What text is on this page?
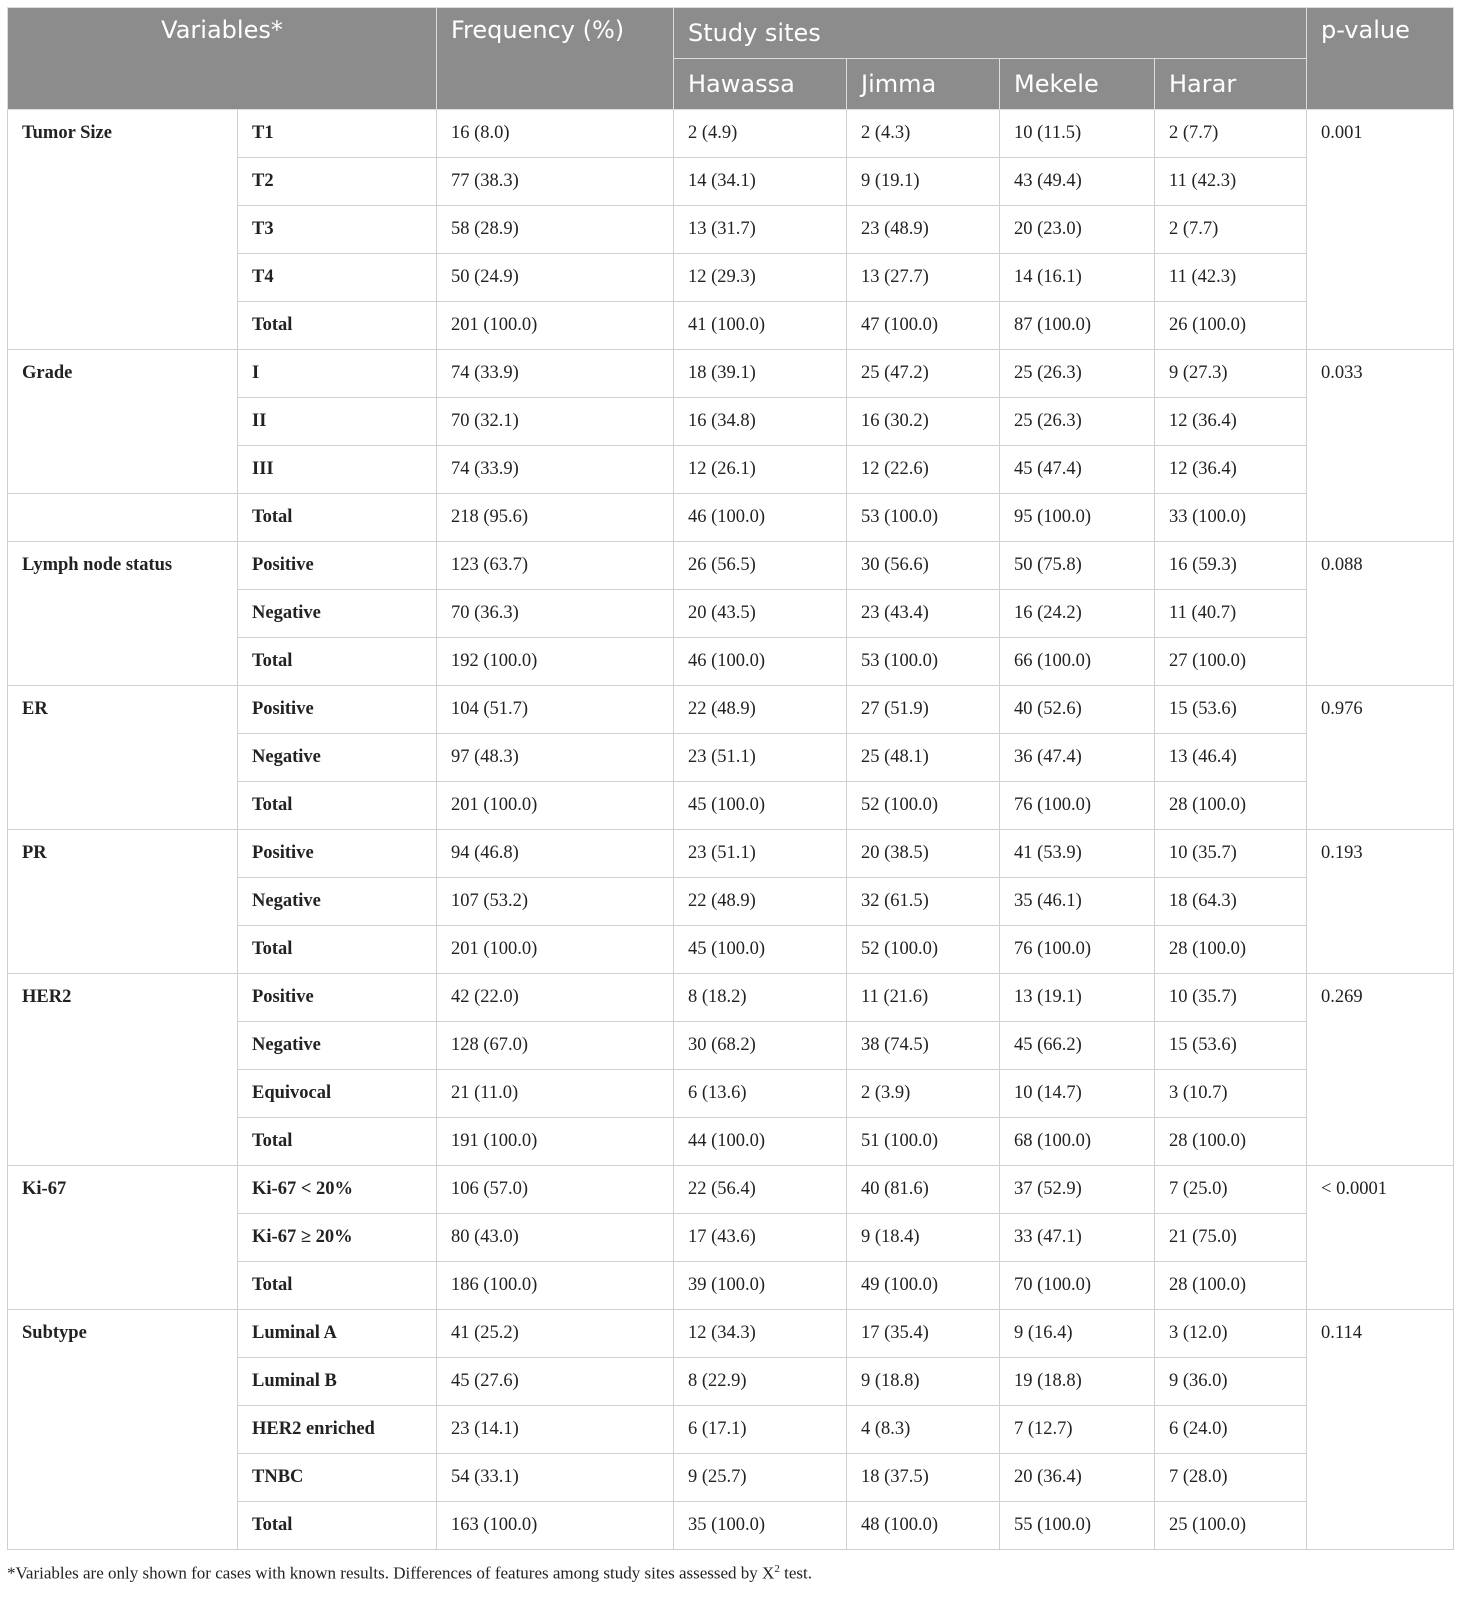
Variables*		Frequency (%)	Study sites				p-value
			Hawassa	Jimma	Mekele	Harar	
Tumor Size	T1	16 (8.0)	2 (4.9)	2 (4.3)	10 (11.5)	2 (7.7)	0.001
	T2	77 (38.3)	14 (34.1)	9 (19.1)	43 (49.4)	11 (42.3)	
	T3	58 (28.9)	13 (31.7)	23 (48.9)	20 (23.0)	2 (7.7)	
	T4	50 (24.9)	12 (29.3)	13 (27.7)	14 (16.1)	11 (42.3)	
	Total	201 (100.0)	41 (100.0)	47 (100.0)	87 (100.0)	26 (100.0)	
Grade	I	74 (33.9)	18 (39.1)	25 (47.2)	25 (26.3)	9 (27.3)	0.033
	II	70 (32.1)	16 (34.8)	16 (30.2)	25 (26.3)	12 (36.4)	
	III	74 (33.9)	12 (26.1)	12 (22.6)	45 (47.4)	12 (36.4)	
	Total	218 (95.6)	46 (100.0)	53 (100.0)	95 (100.0)	33 (100.0)	
Lymph node status	Positive	123 (63.7)	26 (56.5)	30 (56.6)	50 (75.8)	16 (59.3)	0.088
	Negative	70 (36.3)	20 (43.5)	23 (43.4)	16 (24.2)	11 (40.7)	
	Total	192 (100.0)	46 (100.0)	53 (100.0)	66 (100.0)	27 (100.0)	
ER	Positive	104 (51.7)	22 (48.9)	27 (51.9)	40 (52.6)	15 (53.6)	0.976
	Negative	97 (48.3)	23 (51.1)	25 (48.1)	36 (47.4)	13 (46.4)	
	Total	201 (100.0)	45 (100.0)	52 (100.0)	76 (100.0)	28 (100.0)	
PR	Positive	94 (46.8)	23 (51.1)	20 (38.5)	41 (53.9)	10 (35.7)	0.193
	Negative	107 (53.2)	22 (48.9)	32 (61.5)	35 (46.1)	18 (64.3)	
	Total	201 (100.0)	45 (100.0)	52 (100.0)	76 (100.0)	28 (100.0)	
HER2	Positive	42 (22.0)	8 (18.2)	11 (21.6)	13 (19.1)	10 (35.7)	0.269
	Negative	128 (67.0)	30 (68.2)	38 (74.5)	45 (66.2)	15 (53.6)	
	Equivocal	21 (11.0)	6 (13.6)	2 (3.9)	10 (14.7)	3 (10.7)	
	Total	191 (100.0)	44 (100.0)	51 (100.0)	68 (100.0)	28 (100.0)	
Ki-67	Ki-67 < 20%	106 (57.0)	22 (56.4)	40 (81.6)	37 (52.9)	7 (25.0)	< 0.0001
	Ki-67 ≥ 20%	80 (43.0)	17 (43.6)	9 (18.4)	33 (47.1)	21 (75.0)	
	Total	186 (100.0)	39 (100.0)	49 (100.0)	70 (100.0)	28 (100.0)	
Subtype	Luminal A	41 (25.2)	12 (34.3)	17 (35.4)	9 (16.4)	3 (12.0)	0.114
	Luminal B	45 (27.6)	8 (22.9)	9 (18.8)	19 (18.8)	9 (36.0)	
	HER2 enriched	23 (14.1)	6 (17.1)	4 (8.3)	7 (12.7)	6 (24.0)	
	TNBC	54 (33.1)	9 (25.7)	18 (37.5)	20 (36.4)	7 (28.0)	
	Total	163 (100.0)	35 (100.0)	48 (100.0)	55 (100.0)	25 (100.0)	
*Variables are only shown for cases with known results. Differences of features among study sites assessed by $X^2$ test.
